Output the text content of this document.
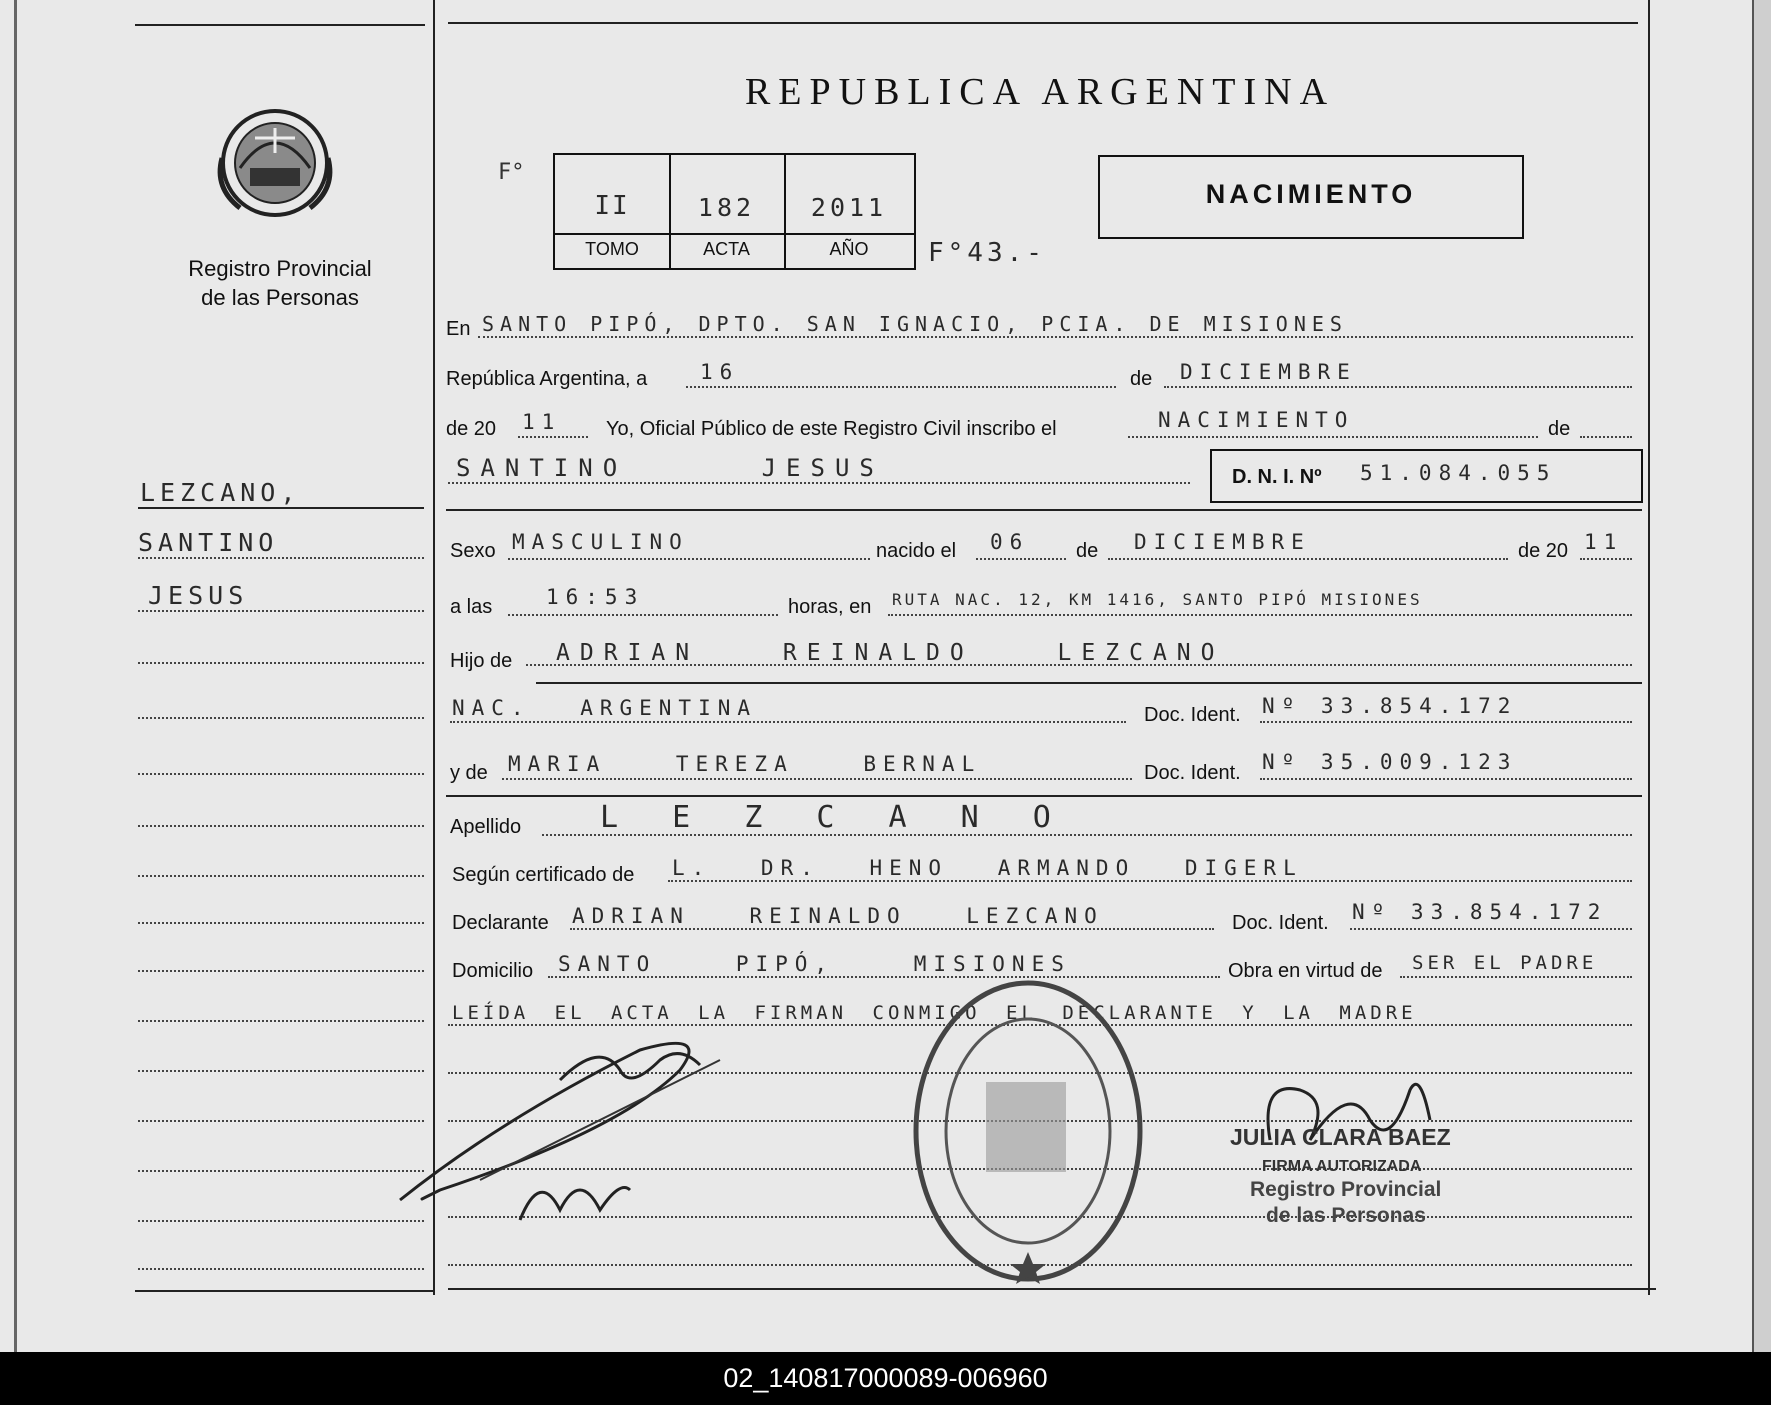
Registro Provincial
de las Personas
REPUBLICA ARGENTINA
F°
II	182	2011
TOMO	ACTA	AÑO	F°43.-
NACIMIENTO
LEZCANO,
SANTINO
JESUS
En SANTO PIPÓ, DPTO. SAN IGNACIO, PCIA. DE MISIONES
República Argentina, a	16	de DICIEMBRE
de 20 11 Yo, Oficial Público de este Registro Civil inscribo el	NACIMIENTO	de
SANTINO JESUS	D. N. I. Nº 51.084.055
Sexo MASCULINO	nacido el 06 de DICIEMBRE	de 20 11
a las	16:53	horas, en RUTA NAC. 12, KM 1416, SANTO PIPÓ MISIONES
Hijo de ADRIAN REINALDO LEZCANO
NAC. ARGENTINA	Doc. Ident. Nº 33.854.172
y de MARIA TEREZA BERNAL	Doc. Ident. Nº 35.009.123
Apellido	L E Z C A N O
Según certificado de L. DR. HENO ARMANDO DIGERL
Declarante ADRIAN REINALDO LEZCANO	Doc. Ident. Nº 33.854.172
Domicilio SANTO PIPÓ, MISIONES	Obra en virtud de SER EL PADRE
LEÍDA EL ACTA LA FIRMAN CONMIGO EL DECLARANTE Y LA MADRE
JULIA CLARA BAEZ
FIRMA AUTORIZADA
Registro Provincial
de las Personas
02_140817000089-006960
